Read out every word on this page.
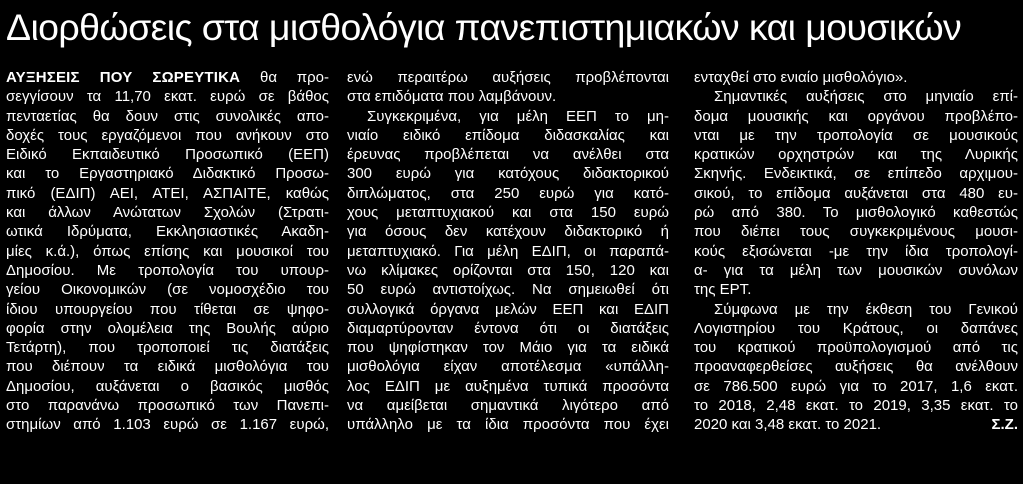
Διορθώσεις στα μισθολόγια πανεπιστημιακών και μουσικών
ΑΥΞΗΣΕΙΣ ΠΟΥ ΣΩΡΕΥΤΙΚΑ θα προ-
σεγγίσουν τα 11,70 εκατ. ευρώ σε βάθος
πενταετίας θα δουν στις συνολικές απο-
δοχές τους εργαζόμενοι που ανήκουν στο
Ειδικό Εκπαιδευτικό Προσωπικό (ΕΕΠ)
και το Εργαστηριακό Διδακτικό Προσω-
πικό (ΕΔΙΠ) ΑΕΙ, ΑΤΕΙ, ΑΣΠΑΙΤΕ, καθώς
και άλλων Ανώτατων Σχολών (Στρατι-
ωτικά Ιδρύματα, Εκκλησιαστικές Ακαδη-
μίες κ.ά.), όπως επίσης και μουσικοί του
Δημοσίου. Με τροπολογία του υπουρ-
γείου Οικονομικών (σε νομοσχέδιο του
ίδιου υπουργείου που τίθεται σε ψηφο-
φορία στην ολομέλεια της Βουλής αύριο
Τετάρτη), που τροποποιεί τις διατάξεις
που διέπουν τα ειδικά μισθολόγια του
Δημοσίου, αυξάνεται ο βασικός μισθός
στο παρανάνω προσωπικό των Πανεπι-
στημίων από 1.103 ευρώ σε 1.167 ευρώ,
ενώ περαιτέρω αυξήσεις προβλέπονται
στα επιδόματα που λαμβάνουν.
Συγκεκριμένα, για μέλη ΕΕΠ το μη-
νιαίο ειδικό επίδομα διδασκαλίας και
έρευνας προβλέπεται να ανέλθει στα
300 ευρώ για κατόχους διδακτορικού
διπλώματος, στα 250 ευρώ για κατό-
χους μεταπτυχιακού και στα 150 ευρώ
για όσους δεν κατέχουν διδακτορικό ή
μεταπτυχιακό. Για μέλη ΕΔΙΠ, οι παραπά-
νω κλίμακες ορίζονται στα 150, 120 και
50 ευρώ αντιστοίχως. Να σημειωθεί ότι
συλλογικά όργανα μελών ΕΕΠ και ΕΔΙΠ
διαμαρτύρονταν έντονα ότι οι διατάξεις
που ψηφίστηκαν τον Μάιο για τα ειδικά
μισθολόγια είχαν αποτέλεσμα «υπάλλη-
λος ΕΔΙΠ με αυξημένα τυπικά προσόντα
να αμείβεται σημαντικά λιγότερο από
υπάλληλο με τα ίδια προσόντα που έχει
ενταχθεί στο ενιαίο μισθολόγιο».
Σημαντικές αυξήσεις στο μηνιαίο επί-
δομα μουσικής και οργάνου προβλέπο-
νται με την τροπολογία σε μουσικούς
κρατικών ορχηστρών και της Λυρικής
Σκηνής. Ενδεικτικά, σε επίπεδο αρχιμου-
σικού, το επίδομα αυξάνεται στα 480 ευ-
ρώ από 380. Το μισθολογικό καθεστώς
που διέπει τους συγκεκριμένους μουσι-
κούς εξισώνεται -με την ίδια τροπολογί-
α- για τα μέλη των μουσικών συνόλων
της ΕΡΤ.
Σύμφωνα με την έκθεση του Γενικού
Λογιστηρίου του Κράτους, οι δαπάνες
του κρατικού προϋπολογισμού από τις
προαναφερθείσες αυξήσεις θα ανέλθουν
σε 786.500 ευρώ για το 2017, 1,6 εκατ.
το 2018, 2,48 εκατ. το 2019, 3,35 εκατ. το
2020 και 3,48 εκατ. το 2021.	Σ.Ζ.
